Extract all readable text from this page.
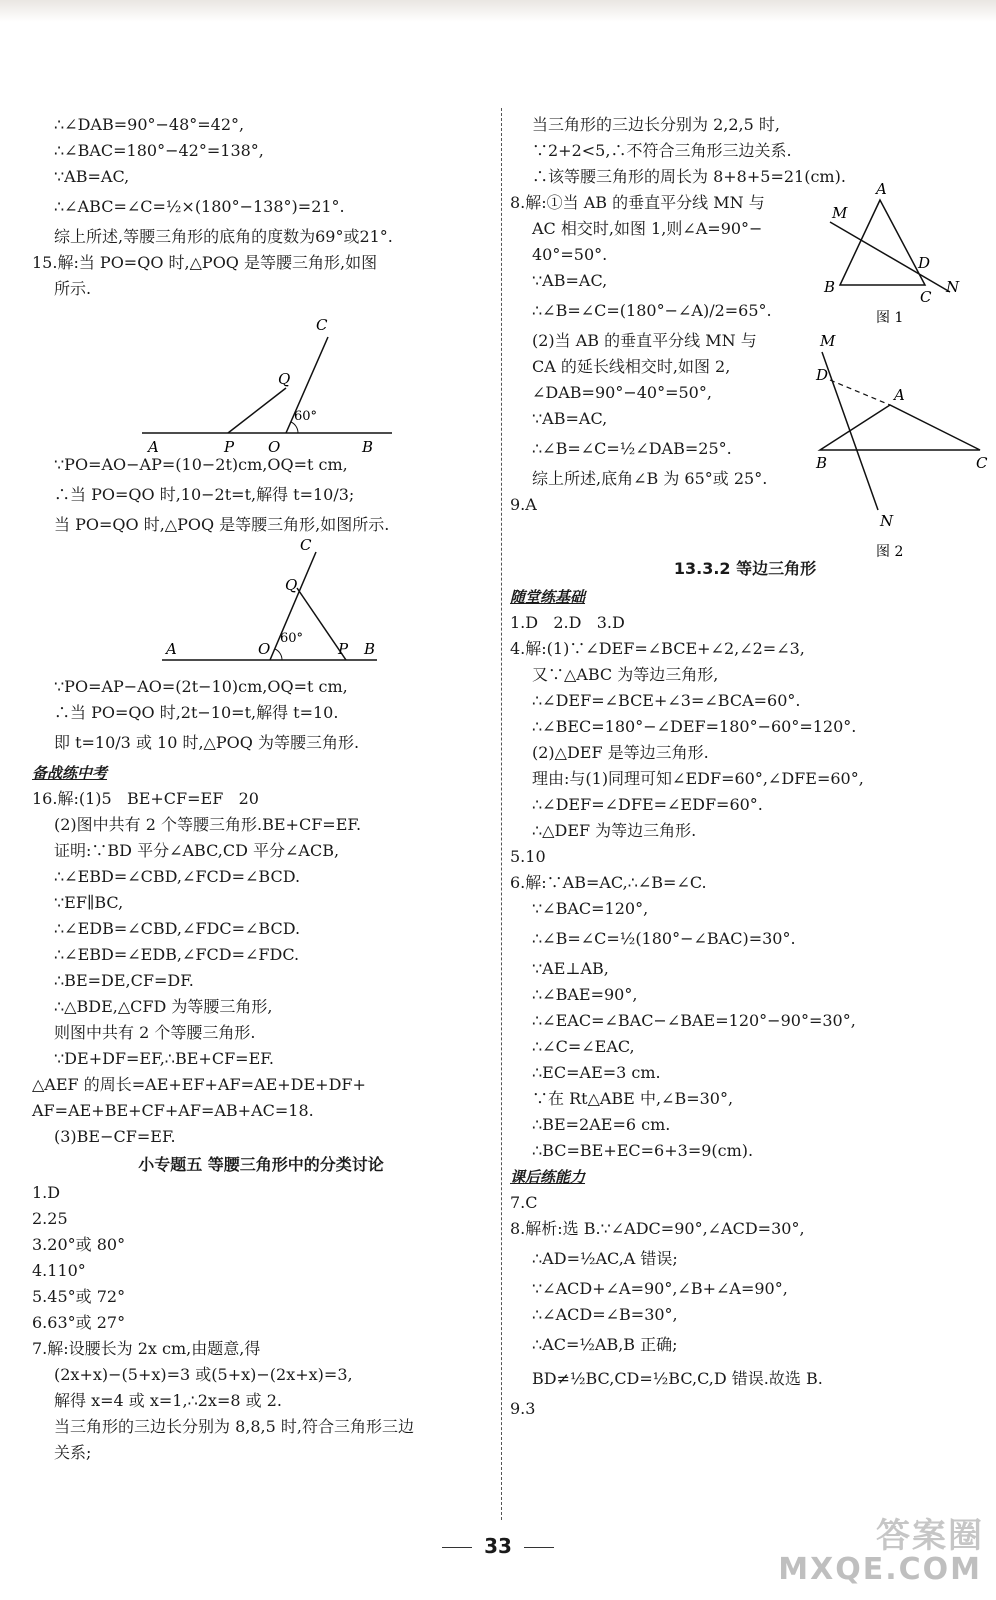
∴∠DAB=90°−48°=42°,
∴∠BAC=180°−42°=138°,
∵AB=AC,
∴∠ABC=∠C=½×(180°−138°)=21°.
综上所述,等腰三角形的底角的度数为69°或21°.
15.解:当 PO=QO 时,△POQ 是等腰三角形,如图
所示.
C
Q
60°
A	P O	B
∵PO=AO−AP=(10−2t)cm,OQ=t cm,
∴当 PO=QO 时,10−2t=t,解得 t=10/3;
当 PO=QO 时,△POQ 是等腰三角形,如图所示.
C
Q
60°
A	O	P B
∵PO=AP−AO=(2t−10)cm,OQ=t cm,
∴当 PO=QO 时,2t−10=t,解得 t=10.
即 t=10/3 或 10 时,△POQ 为等腰三角形.
备战练中考
16.解:(1)5   BE+CF=EF   20
(2)图中共有 2 个等腰三角形.BE+CF=EF.
证明:∵BD 平分∠ABC,CD 平分∠ACB,
∴∠EBD=∠CBD,∠FCD=∠BCD.
∵EF∥BC,
∴∠EDB=∠CBD,∠FDC=∠BCD.
∴∠EBD=∠EDB,∠FCD=∠FDC.
∴BE=DE,CF=DF.
∴△BDE,△CFD 为等腰三角形,
则图中共有 2 个等腰三角形.
∵DE+DF=EF,∴BE+CF=EF.
△AEF 的周长=AE+EF+AF=AE+DE+DF+
AF=AE+BE+CF+AF=AB+AC=18.
(3)BE−CF=EF.
小专题五 等腰三角形中的分类讨论
1.D
2.25
3.20°或 80°
4.110°
5.45°或 72°
6.63°或 27°
7.解:设腰长为 2x cm,由题意,得
(2x+x)−(5+x)=3 或(5+x)−(2x+x)=3,
解得 x=4 或 x=1,∴2x=8 或 2.
当三角形的三边长分别为 8,8,5 时,符合三角形三边
关系;
当三角形的三边长分别为 2,2,5 时,
∵2+2<5,∴不符合三角形三边关系.
∴该等腰三角形的周长为 8+8+5=21(cm).
8.解:①当 AB 的垂直平分线 MN 与
AC 相交时,如图 1,则∠A=90°−
40°=50°.
∵AB=AC,
∴∠B=∠C=(180°−∠A)/2=65°.
(2)当 AB 的垂直平分线 MN 与
CA 的延长线相交时,如图 2,
∠DAB=90°−40°=50°,
∵AB=AC,
∴∠B=∠C=½∠DAB=25°.
综上所述,底角∠B 为 65°或 25°.
9.A
A
M
D
B
C
N
图 1
M
D
A
B
N
C
图 2
13.3.2 等边三角形
随堂练基础
1.D   2.D   3.D
4.解:(1)∵∠DEF=∠BCE+∠2,∠2=∠3,
又∵△ABC 为等边三角形,
∴∠DEF=∠BCE+∠3=∠BCA=60°.
∴∠BEC=180°−∠DEF=180°−60°=120°.
(2)△DEF 是等边三角形.
理由:与(1)同理可知∠EDF=60°,∠DFE=60°,
∴∠DEF=∠DFE=∠EDF=60°.
∴△DEF 为等边三角形.
5.10
6.解:∵AB=AC,∴∠B=∠C.
∵∠BAC=120°,
∴∠B=∠C=½(180°−∠BAC)=30°.
∵AE⊥AB,
∴∠BAE=90°,
∴∠EAC=∠BAC−∠BAE=120°−90°=30°,
∴∠C=∠EAC,
∴EC=AE=3 cm.
∵在 Rt△ABE 中,∠B=30°,
∴BE=2AE=6 cm.
∴BC=BE+EC=6+3=9(cm).
课后练能力
7.C
8.解析:选 B.∵∠ADC=90°,∠ACD=30°,
∴AD=½AC,A 错误;
∵∠ACD+∠A=90°,∠B+∠A=90°,
∴∠ACD=∠B=30°,
∴AC=½AB,B 正确;
BD≠½BC,CD=½BC,C,D 错误.故选 B.
9.3
33	答案圈
MXQE.COM
